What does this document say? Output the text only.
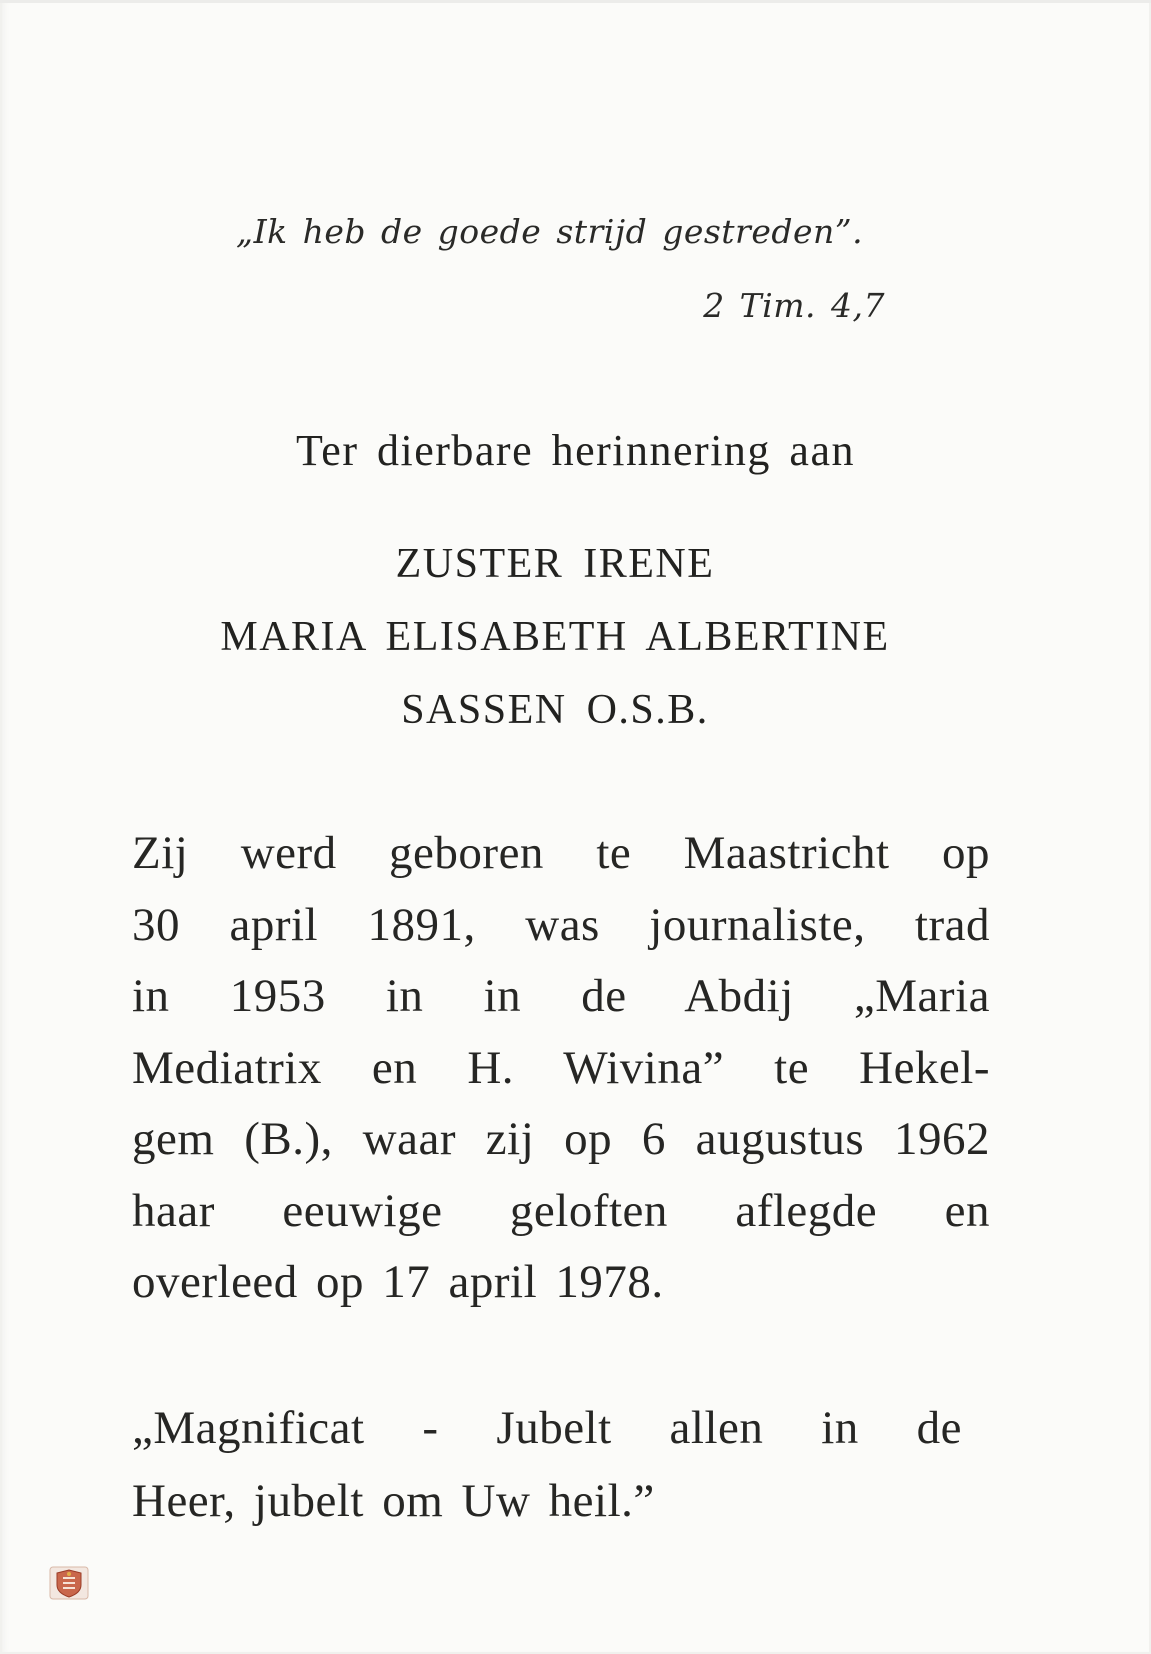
„Ik heb de goede strijd gestreden”.
2 Tim. 4,7
Ter dierbare herinnering aan
ZUSTER IRENE
MARIA ELISABETH ALBERTINE
SASSEN O.S.B.
Zij werd geboren te Maastricht op
30 april 1891, was journaliste, trad
in 1953 in in de Abdij „Maria
Mediatrix en H. Wivina” te Hekel-
gem (B.), waar zij op 6 augustus 1962
haar eeuwige geloften aflegde en
overleed op 17 april 1978.
„Magnificat - Jubelt allen in de
Heer, jubelt om Uw heil.”
